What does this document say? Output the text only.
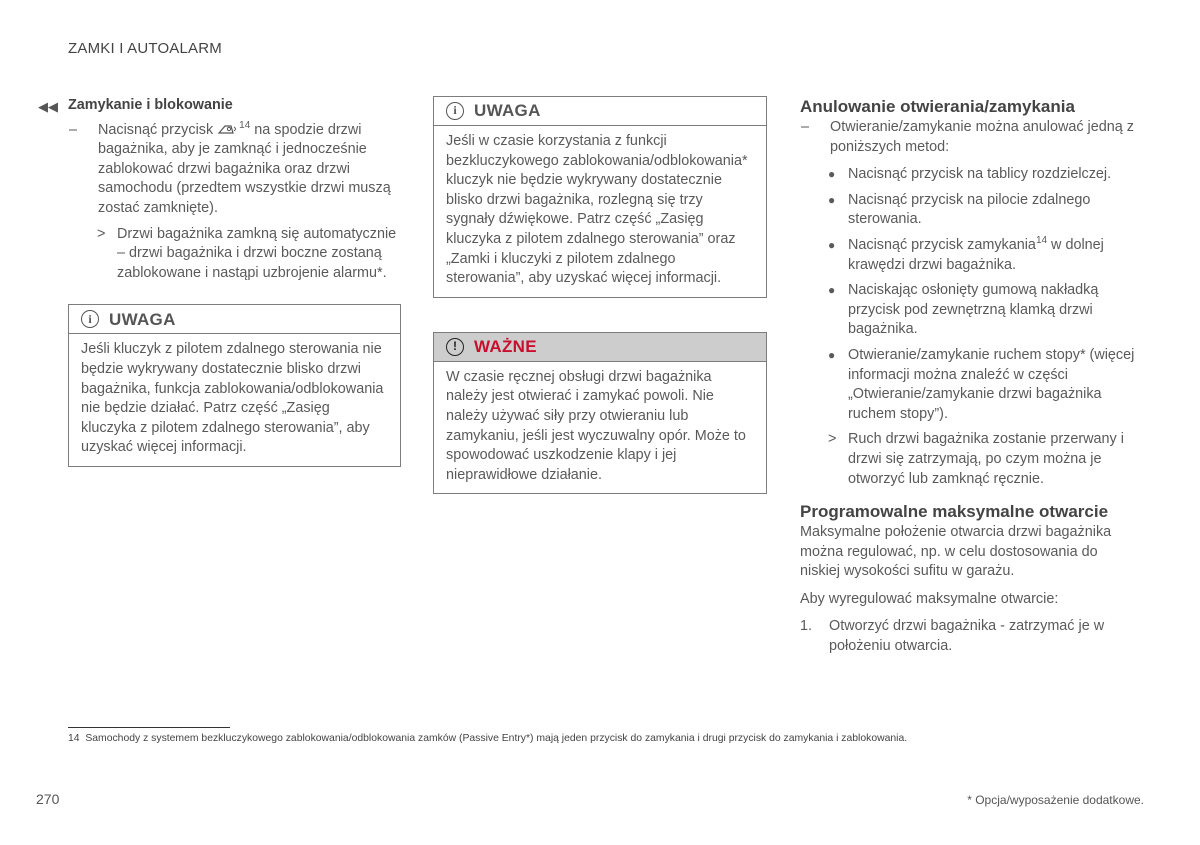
ZAMKI I AUTOALARM
◀◀ Zamykanie i blokowanie
–	Nacisnąć przycisk	$^{14}$ na spodzie drzwi bagażnika, aby je zamknąć i jednocześnie zablokować drzwi bagażnika oraz drzwi samochodu (przedtem wszystkie drzwi muszą zostać zamknięte).
> Drzwi bagażnika zamkną się automatycznie – drzwi bagażnika i drzwi boczne zostaną zablokowane i nastąpi uzbrojenie alarmu*.
i	UWAGA
Jeśli kluczyk z pilotem zdalnego sterowania nie będzie wykrywany dostatecznie blisko drzwi bagażnika, funkcja zablokowania/odblokowania nie będzie działać. Patrz część „Zasięg kluczyka z pilotem zdalnego sterowania”, aby uzyskać więcej informacji.
i	UWAGA
Jeśli w czasie korzystania z funkcji bezkluczykowego zablokowania/odblokowania* kluczyk nie będzie wykrywany dostatecznie blisko drzwi bagażnika, rozlegną się trzy sygnały dźwiękowe. Patrz część „Zasięg kluczyka z pilotem zdalnego sterowania” oraz „Zamki i kluczyki z pilotem zdalnego sterowania”, aby uzyskać więcej informacji.
!	WAŻNE
W czasie ręcznej obsługi drzwi bagażnika należy jest otwierać i zamykać powoli. Nie należy używać siły przy otwieraniu lub zamykaniu, jeśli jest wyczuwalny opór. Może to spowodować uszkodzenie klapy i jej nieprawidłowe działanie.
Anulowanie otwierania/zamykania
–	Otwieranie/zamykanie można anulować jedną z poniższych metod:
● Nacisnąć przycisk na tablicy rozdzielczej.
● Nacisnąć przycisk na pilocie zdalnego sterowania.
● Nacisnąć przycisk zamykania$^{14}$ w dolnej krawędzi drzwi bagażnika.
● Naciskając osłonięty gumową nakładką przycisk pod zewnętrzną klamką drzwi bagażnika.
● Otwieranie/zamykanie ruchem stopy* (więcej informacji można znaleźć w części „Otwieranie/zamykanie drzwi bagażnika ruchem stopy”).
> Ruch drzwi bagażnika zostanie przerwany i drzwi się zatrzymają, po czym można je otworzyć lub zamknąć ręcznie.
Programowalne maksymalne otwarcie

Maksymalne położenie otwarcia drzwi bagażnika można regulować, np. w celu dostosowania do niskiej wysokości sufitu w garażu.

Aby wyregulować maksymalne otwarcie:

1.	Otworzyć drzwi bagażnika - zatrzymać je w położeniu otwarcia.
14 Samochody z systemem bezkluczykowego zablokowania/odblokowania zamków (Passive Entry*) mają jeden przycisk do zamykania i drugi przycisk do zamykania i zablokowania.
270	* Opcja/wyposażenie dodatkowe.
